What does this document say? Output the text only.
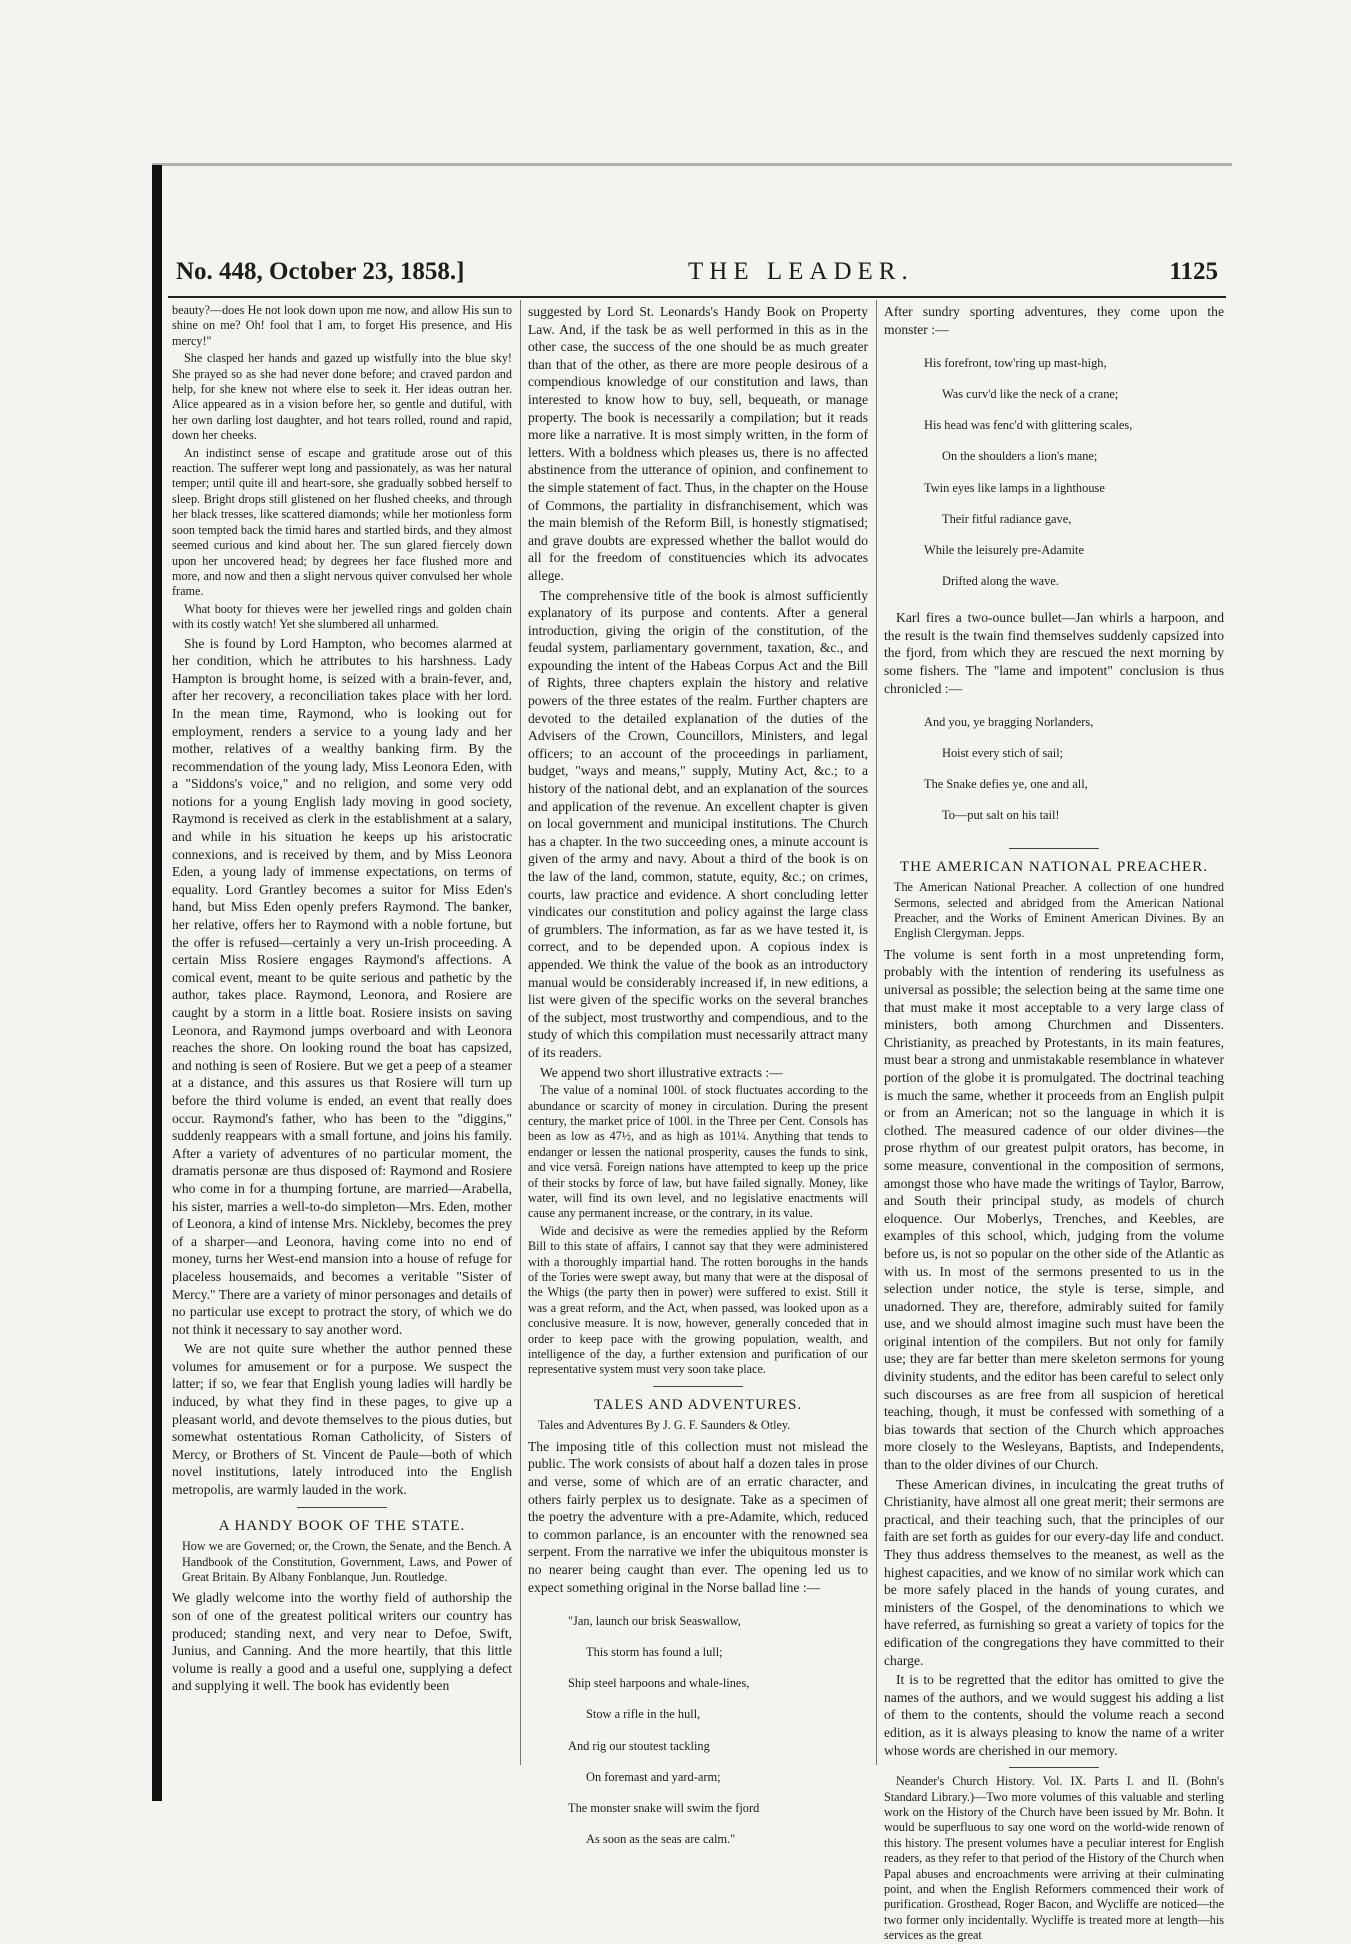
No. 448, October 23, 1858.]	THE LEADER.	1125

beauty?—does He not look down upon me now, and allow His sun to shine on me? Oh! fool that I am, to forget His presence, and His mercy!"

She clasped her hands and gazed up wistfully into the blue sky! She prayed so as she had never done before; and craved pardon and help, for she knew not where else to seek it. Her ideas outran her. Alice appeared as in a vision before her, so gentle and dutiful, with her own darling lost daughter, and hot tears rolled, round and rapid, down her cheeks.

An indistinct sense of escape and gratitude arose out of this reaction. The sufferer wept long and passionately, as was her natural temper; until quite ill and heart-sore, she gradually sobbed herself to sleep. Bright drops still glistened on her flushed cheeks, and through her black tresses, like scattered diamonds; while her motionless form soon tempted back the timid hares and startled birds, and they almost seemed curious and kind about her. The sun glared fiercely down upon her uncovered head; by degrees her face flushed more and more, and now and then a slight nervous quiver convulsed her whole frame.

What booty for thieves were her jewelled rings and golden chain with its costly watch! Yet she slumbered all unharmed.

She is found by Lord Hampton, who becomes alarmed at her condition, which he attributes to his harshness. Lady Hampton is brought home, is seized with a brain-fever, and, after her recovery, a reconciliation takes place with her lord. In the mean time, Raymond, who is looking out for employment, renders a service to a young lady and her mother, relatives of a wealthy banking firm. By the recommendation of the young lady, Miss Leonora Eden, with a "Siddons's voice," and no religion, and some very odd notions for a young English lady moving in good society, Raymond is received as clerk in the establishment at a salary, and while in his situation he keeps up his aristocratic connexions, and is received by them, and by Miss Leonora Eden, a young lady of immense expectations, on terms of equality. Lord Grantley becomes a suitor for Miss Eden's hand, but Miss Eden openly prefers Raymond. The banker, her relative, offers her to Raymond with a noble fortune, but the offer is refused—certainly a very un-Irish proceeding. A certain Miss Rosiere engages Raymond's affections. A comical event, meant to be quite serious and pathetic by the author, takes place. Raymond, Leonora, and Rosiere are caught by a storm in a little boat. Rosiere insists on saving Leonora, and Raymond jumps overboard and with Leonora reaches the shore. On looking round the boat has capsized, and nothing is seen of Rosiere. But we get a peep of a steamer at a distance, and this assures us that Rosiere will turn up before the third volume is ended, an event that really does occur. Raymond's father, who has been to the "diggins," suddenly reappears with a small fortune, and joins his family. After a variety of adventures of no particular moment, the dramatis personæ are thus disposed of: Raymond and Rosiere who come in for a thumping fortune, are married—Arabella, his sister, marries a well-to-do simpleton—Mrs. Eden, mother of Leonora, a kind of intense Mrs. Nickleby, becomes the prey of a sharper—and Leonora, having come into no end of money, turns her West-end mansion into a house of refuge for placeless housemaids, and becomes a veritable "Sister of Mercy." There are a variety of minor personages and details of no particular use except to protract the story, of which we do not think it necessary to say another word.

We are not quite sure whether the author penned these volumes for amusement or for a purpose. We suspect the latter; if so, we fear that English young ladies will hardly be induced, by what they find in these pages, to give up a pleasant world, and devote themselves to the pious duties, but somewhat ostentatious Roman Catholicity, of Sisters of Mercy, or Brothers of St. Vincent de Paule—both of which novel institutions, lately introduced into the English metropolis, are warmly lauded in the work.

A HANDY BOOK OF THE STATE.

How we are Governed; or, the Crown, the Senate, and the Bench. A Handbook of the Constitution, Government, Laws, and Power of Great Britain. By Albany Fonblanque, Jun. Routledge.

We gladly welcome into the worthy field of authorship the son of one of the greatest political writers our country has produced; standing next, and very near to Defoe, Swift, Junius, and Canning. And the more heartily, that this little volume is really a good and a useful one, supplying a defect and supplying it well. The book has evidently been

suggested by Lord St. Leonards's Handy Book on Property Law. And, if the task be as well performed in this as in the other case, the success of the one should be as much greater than that of the other, as there are more people desirous of a compendious knowledge of our constitution and laws, than interested to know how to buy, sell, bequeath, or manage property. The book is necessarily a compilation; but it reads more like a narrative. It is most simply written, in the form of letters. With a boldness which pleases us, there is no affected abstinence from the utterance of opinion, and confinement to the simple statement of fact. Thus, in the chapter on the House of Commons, the partiality in disfranchisement, which was the main blemish of the Reform Bill, is honestly stigmatised; and grave doubts are expressed whether the ballot would do all for the freedom of constituencies which its advocates allege.

The comprehensive title of the book is almost sufficiently explanatory of its purpose and contents. After a general introduction, giving the origin of the constitution, of the feudal system, parliamentary government, taxation, &c., and expounding the intent of the Habeas Corpus Act and the Bill of Rights, three chapters explain the history and relative powers of the three estates of the realm. Further chapters are devoted to the detailed explanation of the duties of the Advisers of the Crown, Councillors, Ministers, and legal officers; to an account of the proceedings in parliament, budget, "ways and means," supply, Mutiny Act, &c.; to a history of the national debt, and an explanation of the sources and application of the revenue. An excellent chapter is given on local government and municipal institutions. The Church has a chapter. In the two succeeding ones, a minute account is given of the army and navy. About a third of the book is on the law of the land, common, statute, equity, &c.; on crimes, courts, law practice and evidence. A short concluding letter vindicates our constitution and policy against the large class of grumblers. The information, as far as we have tested it, is correct, and to be depended upon. A copious index is appended. We think the value of the book as an introductory manual would be considerably increased if, in new editions, a list were given of the specific works on the several branches of the subject, most trustworthy and compendious, and to the study of which this compilation must necessarily attract many of its readers.

We append two short illustrative extracts :—

The value of a nominal 100l. of stock fluctuates according to the abundance or scarcity of money in circulation. During the present century, the market price of 100l. in the Three per Cent. Consols has been as low as 47½, and as high as 101¼. Anything that tends to endanger or lessen the national prosperity, causes the funds to sink, and vice versâ. Foreign nations have attempted to keep up the price of their stocks by force of law, but have failed signally. Money, like water, will find its own level, and no legislative enactments will cause any permanent increase, or the contrary, in its value.

Wide and decisive as were the remedies applied by the Reform Bill to this state of affairs, I cannot say that they were administered with a thoroughly impartial hand. The rotten boroughs in the hands of the Tories were swept away, but many that were at the disposal of the Whigs (the party then in power) were suffered to exist. Still it was a great reform, and the Act, when passed, was looked upon as a conclusive measure. It is now, however, generally conceded that in order to keep pace with the growing population, wealth, and intelligence of the day, a further extension and purification of our representative system must very soon take place.

TALES AND ADVENTURES.

Tales and Adventures By J. G. F. Saunders & Otley.

The imposing title of this collection must not mislead the public. The work consists of about half a dozen tales in prose and verse, some of which are of an erratic character, and others fairly perplex us to designate. Take as a specimen of the poetry the adventure with a pre-Adamite, which, reduced to common parlance, is an encounter with the renowned sea serpent. From the narrative we infer the ubiquitous monster is no nearer being caught than ever. The opening led us to expect something original in the Norse ballad line :—

"Jan, launch our brisk Seaswallow,

This storm has found a lull;

Ship steel harpoons and whale-lines,

Stow a rifle in the hull,

And rig our stoutest tackling

On foremast and yard-arm;

The monster snake will swim the fjord

As soon as the seas are calm."

After sundry sporting adventures, they come upon the monster :—

His forefront, tow'ring up mast-high,

Was curv'd like the neck of a crane;

His head was fenc'd with glittering scales,

On the shoulders a lion's mane;

Twin eyes like lamps in a lighthouse

Their fitful radiance gave,

While the leisurely pre-Adamite

Drifted along the wave.

Karl fires a two-ounce bullet—Jan whirls a harpoon, and the result is the twain find themselves suddenly capsized into the fjord, from which they are rescued the next morning by some fishers. The "lame and impotent" conclusion is thus chronicled :—

And you, ye bragging Norlanders,

Hoist every stich of sail;

The Snake defies ye, one and all,

To—put salt on his tail!

THE AMERICAN NATIONAL PREACHER.

The American National Preacher. A collection of one hundred Sermons, selected and abridged from the American National Preacher, and the Works of Eminent American Divines. By an English Clergyman. Jepps.

The volume is sent forth in a most unpretending form, probably with the intention of rendering its usefulness as universal as possible; the selection being at the same time one that must make it most acceptable to a very large class of ministers, both among Churchmen and Dissenters. Christianity, as preached by Protestants, in its main features, must bear a strong and unmistakable resemblance in whatever portion of the globe it is promulgated. The doctrinal teaching is much the same, whether it proceeds from an English pulpit or from an American; not so the language in which it is clothed. The measured cadence of our older divines—the prose rhythm of our greatest pulpit orators, has become, in some measure, conventional in the composition of sermons, amongst those who have made the writings of Taylor, Barrow, and South their principal study, as models of church eloquence. Our Moberlys, Trenches, and Keebles, are examples of this school, which, judging from the volume before us, is not so popular on the other side of the Atlantic as with us. In most of the sermons presented to us in the selection under notice, the style is terse, simple, and unadorned. They are, therefore, admirably suited for family use, and we should almost imagine such must have been the original intention of the compilers. But not only for family use; they are far better than mere skeleton sermons for young divinity students, and the editor has been careful to select only such discourses as are free from all suspicion of heretical teaching, though, it must be confessed with something of a bias towards that section of the Church which approaches more closely to the Wesleyans, Baptists, and Independents, than to the older divines of our Church.

These American divines, in inculcating the great truths of Christianity, have almost all one great merit; their sermons are practical, and their teaching such, that the principles of our faith are set forth as guides for our every-day life and conduct. They thus address themselves to the meanest, as well as the highest capacities, and we know of no similar work which can be more safely placed in the hands of young curates, and ministers of the Gospel, of the denominations to which we have referred, as furnishing so great a variety of topics for the edification of the congregations they have committed to their charge.

It is to be regretted that the editor has omitted to give the names of the authors, and we would suggest his adding a list of them to the contents, should the volume reach a second edition, as it is always pleasing to know the name of a writer whose words are cherished in our memory.

Neander's Church History. Vol. IX. Parts I. and II. (Bohn's Standard Library.)—Two more volumes of this valuable and sterling work on the History of the Church have been issued by Mr. Bohn. It would be superfluous to say one word on the world-wide renown of this history. The present volumes have a peculiar interest for English readers, as they refer to that period of the History of the Church when Papal abuses and encroachments were arriving at their culminating point, and when the English Reformers commenced their work of purification. Grosthead, Roger Bacon, and Wycliffe are noticed—the two former only incidentally. Wycliffe is treated more at length—his services as the great
